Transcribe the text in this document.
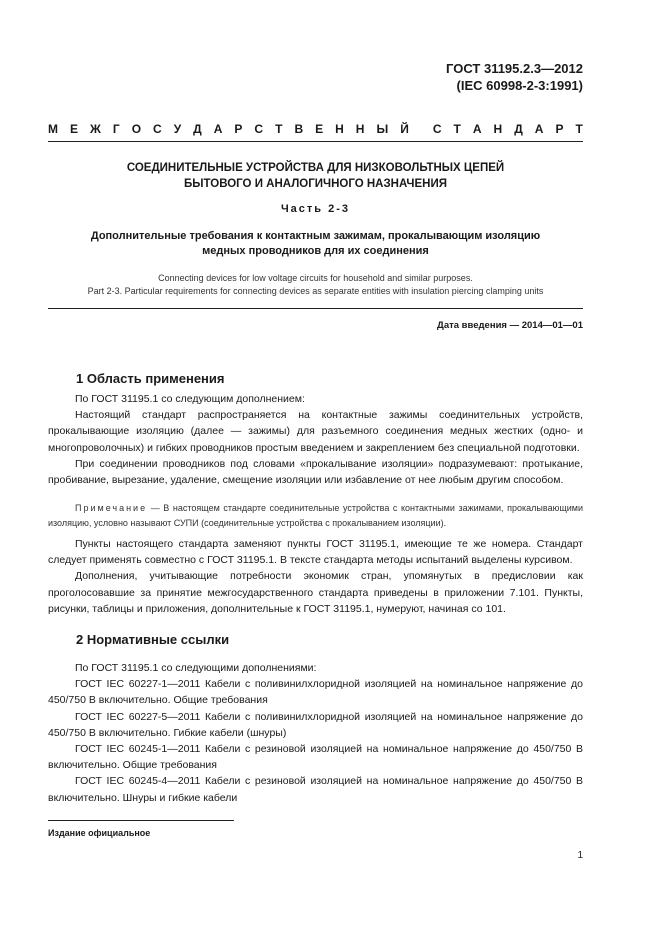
ГОСТ 31195.2.3—2012
(IEC 60998-2-3:1991)
М Е Ж Г О С У Д А Р С Т В Е Н Н Ы Й С Т А Н Д А Р Т
СОЕДИНИТЕЛЬНЫЕ УСТРОЙСТВА ДЛЯ НИЗКОВОЛЬТНЫХ ЦЕПЕЙ
БЫТОВОГО И АНАЛОГИЧНОГО НАЗНАЧЕНИЯ
Часть 2-3
Дополнительные требования к контактным зажимам, прокалывающим изоляцию
медных проводников для их соединения
Connecting devices for low voltage circuits for household and similar purposes.
Part 2-3. Particular requirements for connecting devices as separate entities with insulation piercing clamping units
Дата введения — 2014—01—01
1 Область применения

По ГОСТ 31195.1 со следующим дополнением:

Настоящий стандарт распространяется на контактные зажимы соединительных устройств, прокалывающие изоляцию (далее — зажимы) для разъемного соединения медных жестких (одно- и многопроволочных) и гибких проводников простым введением и закреплением без специальной подготовки.

При соединении проводников под словами «прокалывание изоляции» подразумевают: протыкание, пробивание, вырезание, удаление, смещение изоляции или избавление от нее любым другим способом.

Примечание — В настоящем стандарте соединительные устройства с контактными зажимами, прокалывающими изоляцию, условно называют СУПИ (соединительные устройства с прокалыванием изоляции).

Пункты настоящего стандарта заменяют пункты ГОСТ 31195.1, имеющие те же номера. Стандарт следует применять совместно с ГОСТ 31195.1. В тексте стандарта методы испытаний выделены курсивом.

Дополнения, учитывающие потребности экономик стран, упомянутых в предисловии как проголосовавшие за принятие межгосударственного стандарта приведены в приложении 7.101. Пункты, рисунки, таблицы и приложения, дополнительные к ГОСТ 31195.1, нумеруют, начиная со 101.

2 Нормативные ссылки

По ГОСТ 31195.1 со следующими дополнениями:

ГОСТ IEC 60227-1—2011 Кабели с поливинилхлоридной изоляцией на номинальное напряжение до 450/750 В включительно. Общие требования

ГОСТ IEC 60227-5—2011 Кабели с поливинилхлоридной изоляцией на номинальное напряжение до 450/750 В включительно. Гибкие кабели (шнуры)

ГОСТ IEC 60245-1—2011 Кабели с резиновой изоляцией на номинальное напряжение до 450/750 В включительно. Общие требования

ГОСТ IEC 60245-4—2011 Кабели с резиновой изоляцией на номинальное напряжение до 450/750 В включительно. Шнуры и гибкие кабели

Издание официальное
1
